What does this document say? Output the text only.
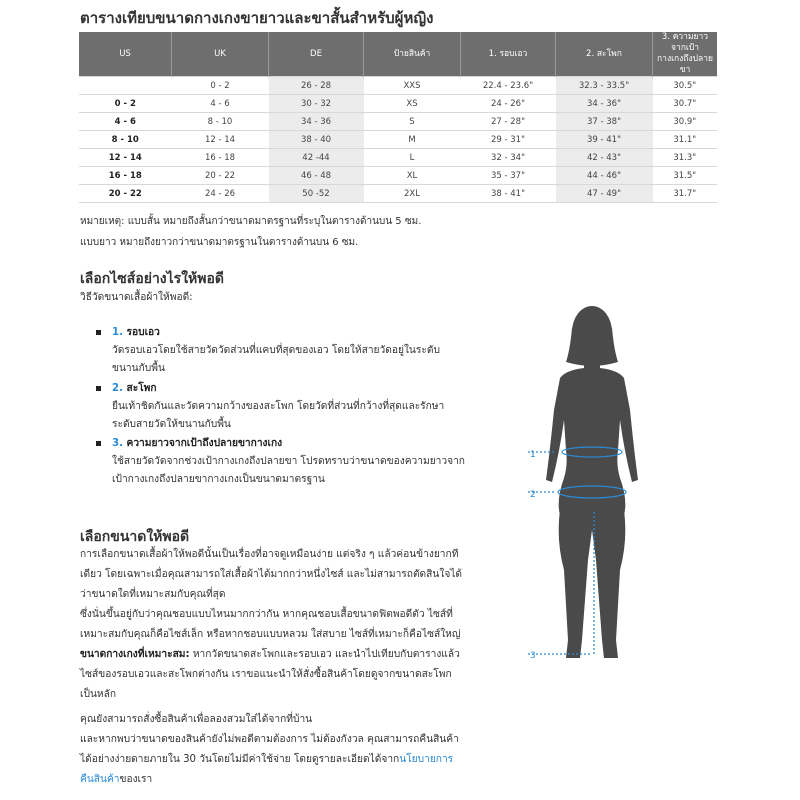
ตารางเทียบขนาดกางเกงขายาวและขาสั้นสำหรับผู้หญิง
US	UK	DE	ป้ายสินค้า	1. รอบเอว	2. สะโพก	3. ความยาวจากเป้า
กางเกงถึงปลายขา
	0 - 2	26 - 28	XXS	22.4 - 23.6"	32.3 - 33.5"	30.5"
0 - 2	4 - 6	30 - 32	XS	24 - 26"	34 - 36"	30.7"
4 - 6	8 - 10	34 - 36	S	27 - 28"	37 - 38"	30.9"
8 - 10	12 - 14	38 - 40	M	29 - 31"	39 - 41"	31.1"
12 - 14	16 - 18	42 -44	L	32 - 34"	42 - 43"	31.3"
16 - 18	20 - 22	46 - 48	XL	35 - 37"	44 - 46"	31.5"
20 - 22	24 - 26	50 -52	2XL	38 - 41"	47 - 49"	31.7"
หมายเหตุ: แบบสั้น หมายถึงสั้นกว่าขนาดมาตรฐานที่ระบุในตารางด้านบน 5 ซม.
แบบยาว หมายถึงยาวกว่าขนาดมาตรฐานในตารางด้านบน 6 ซม.
เลือกไซส์อย่างไรให้พอดี
วิธีวัดขนาดเสื้อผ้าให้พอดี:
1. รอบเอว
วัดรอบเอวโดยใช้สายวัดวัดส่วนที่แคบที่สุดของเอว โดยให้สายวัดอยู่ในระดับ
ขนานกับพื้น
2. สะโพก
ยืนเท้าชิดกันและวัดความกว้างของสะโพก โดยวัดที่ส่วนที่กว้างที่สุดและรักษา
ระดับสายวัดให้ขนานกับพื้น
3. ความยาวจากเป้าถึงปลายขากางเกง
ใช้สายวัดวัดจากช่วงเป้ากางเกงถึงปลายขา โปรดทราบว่าขนาดของความยาวจาก
เป้ากางเกงถึงปลายขากางเกงเป็นขนาดมาตรฐาน
เลือกขนาดให้พอดี
การเลือกขนาดเสื้อผ้าให้พอดีนั้นเป็นเรื่องที่อาจดูเหมือนง่าย แต่จริง ๆ แล้วค่อนข้างยากที
เดียว โดยเฉพาะเมื่อคุณสามารถใส่เสื้อผ้าได้มากกว่าหนึ่งไซส์ และไม่สามารถตัดสินใจได้
ว่าขนาดใดที่เหมาะสมกับคุณที่สุด
ซึ่งนั่นขึ้นอยู่กับว่าคุณชอบแบบไหนมากกว่ากัน หากคุณชอบเสื้อขนาดฟิตพอดีตัว ไซส์ที่
เหมาะสมกับคุณก็คือไซส์เล็ก หรือหากชอบแบบหลวม ใส่สบาย ไซส์ที่เหมาะก็คือไซส์ใหญ่
ขนาดกางเกงที่เหมาะสม: หากวัดขนาดสะโพกและรอบเอว และนำไปเทียบกับตารางแล้ว
ไซส์ของรอบเอวและสะโพกต่างกัน เราขอแนะนำให้สั่งซื้อสินค้าโดยดูจากขนาดสะโพก
เป็นหลัก
คุณยังสามารถสั่งซื้อสินค้าเพื่อลองสวมใส่ได้จากที่บ้าน
และหากพบว่าขนาดของสินค้ายังไม่พอดีตามต้องการ ไม่ต้องกังวล คุณสามารถคืนสินค้า
ได้อย่างง่ายดายภายใน 30 วันโดยไม่มีค่าใช้จ่าย โดยดูรายละเอียดได้จากนโยบายการ
คืนสินค้าของเรา
1
2
3
